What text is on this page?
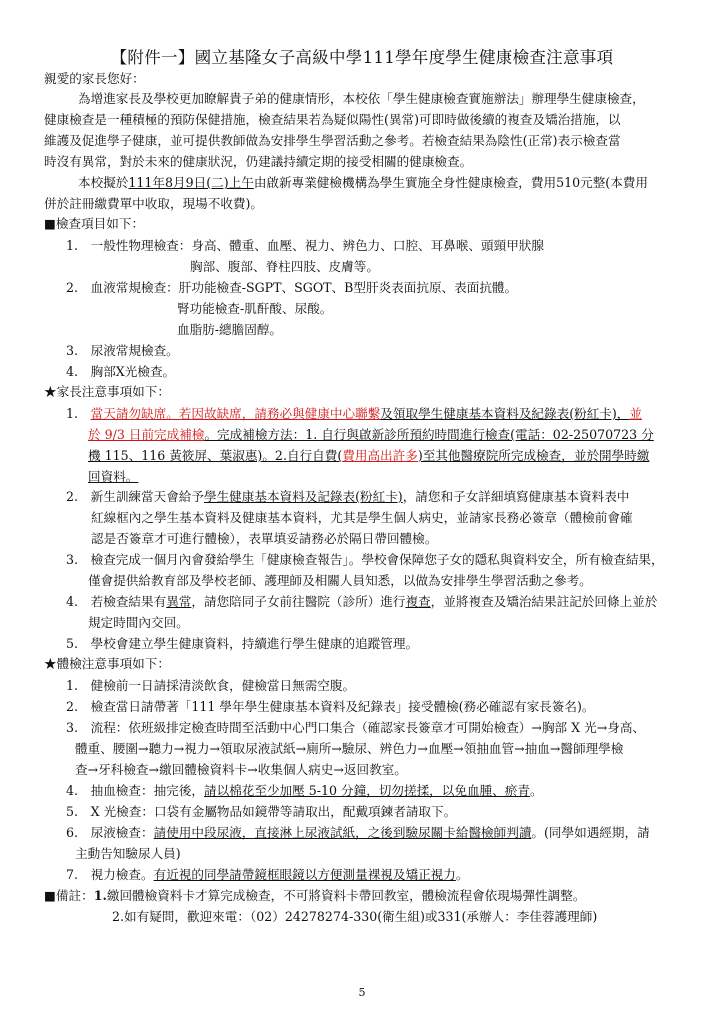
【附件一】國立基隆女子高級中學111學年度學生健康檢查注意事項
親愛的家長您好：
為增進家長及學校更加瞭解貴子弟的健康情形，本校依「學生健康檢查實施辦法」辦理學生健康檢查，
健康檢查是一種積極的預防保健措施，檢查結果若為疑似陽性(異常)可即時做後續的複查及矯治措施，以
維護及促進學子健康，並可提供教師做為安排學生學習活動之參考。若檢查結果為陰性(正常)表示檢查當
時沒有異常，對於未來的健康狀況，仍建議持續定期的接受相關的健康檢查。
本校擬於111年8月9日(二)上午由啟新專業健檢機構為學生實施全身性健康檢查，費用510元整(本費用
併於註冊繳費單中收取，現場不收費)。
■檢查項目如下：
1.　一般性物理檢查：身高、體重、血壓、視力、辨色力、口腔、耳鼻喉、頭頸甲狀腺
胸部、腹部、脊柱四肢、皮膚等。
2.　血液常規檢查：肝功能檢查-SGPT、SGOT、B型肝炎表面抗原、表面抗體。
腎功能檢查-肌酐酸、尿酸。
血脂肪-總膽固醇。
3.　尿液常規檢查。
4.　胸部X光檢查。
★家長注意事項如下：
1.　 當天請勿缺席。若因故缺席，請務必與健康中心聯繫及領取學生健康基本資料及紀錄表(粉紅卡)，並
於 9/3 日前完成補檢。完成補檢方法：1. 自行與啟新診所預約時間進行檢查(電話：02-25070723 分
機 115、116 黃筱屏、葉淑惠)。2.自行自費(費用高出許多)至其他醫療院所完成檢查，並於開學時繳
回資料。
2.　 新生訓練當天會給予學生健康基本資料及記錄表(粉紅卡)，請您和子女詳細填寫健康基本資料表中
紅線框內之學生基本資料及健康基本資料，尤其是學生個人病史，並請家長務必簽章（體檢前會確
認是否簽章才可進行體檢），表單填妥請務必於隔日帶回體檢。
3.　檢查完成一個月內會發給學生「健康檢查報告」。學校會保障您子女的隱私與資料安全，所有檢查結果，
僅會提供給教育部及學校老師、護理師及相關人員知悉，以做為安排學生學習活動之參考。
4.　 若檢查結果有異常，請您陪同子女前往醫院（診所）進行複查，並將複查及矯治結果註記於回條上並於
規定時間內交回。
5.　學校會建立學生健康資料，持續進行學生健康的追蹤管理。
★體檢注意事項如下：
1.　健檢前一日請採清淡飲食，健檢當日無需空腹。
2.　檢查當日請帶著「111 學年學生健康基本資料及紀錄表」接受體檢(務必確認有家長簽名)。
3.　流程：依班級排定檢查時間至活動中心門口集合（確認家長簽章才可開始檢查）→胸部 X 光→身高、
體重、腰圍→聽力→視力→領取尿液試紙→廁所→驗尿、辨色力→血壓→領抽血管→抽血→醫師理學檢
查→牙科檢查→繳回體檢資料卡→收集個人病史→返回教室。
4.　抽血檢查：抽完後，請以棉花至少加壓 5-10 分鐘，切勿搓揉，以免血腫、瘀青。
5.　X 光檢查：口袋有金屬物品如鏡帶等請取出，配戴項鍊者請取下。
6.　尿液檢查：請使用中段尿液，直接淋上尿液試紙，之後到驗尿關卡給醫檢師判讀。(同學如遇經期，請
主動告知驗尿人員)
7.　視力檢查。有近視的同學請帶鏡框眼鏡以方便測量裸視及矯正視力。
■備註：1.繳回體檢資料卡才算完成檢查，不可將資料卡帶回教室，體檢流程會依現場彈性調整。
2.如有疑問，歡迎來電：（02）24278274-330(衛生組)或331(承辦人：李佳蓉護理師)
5
